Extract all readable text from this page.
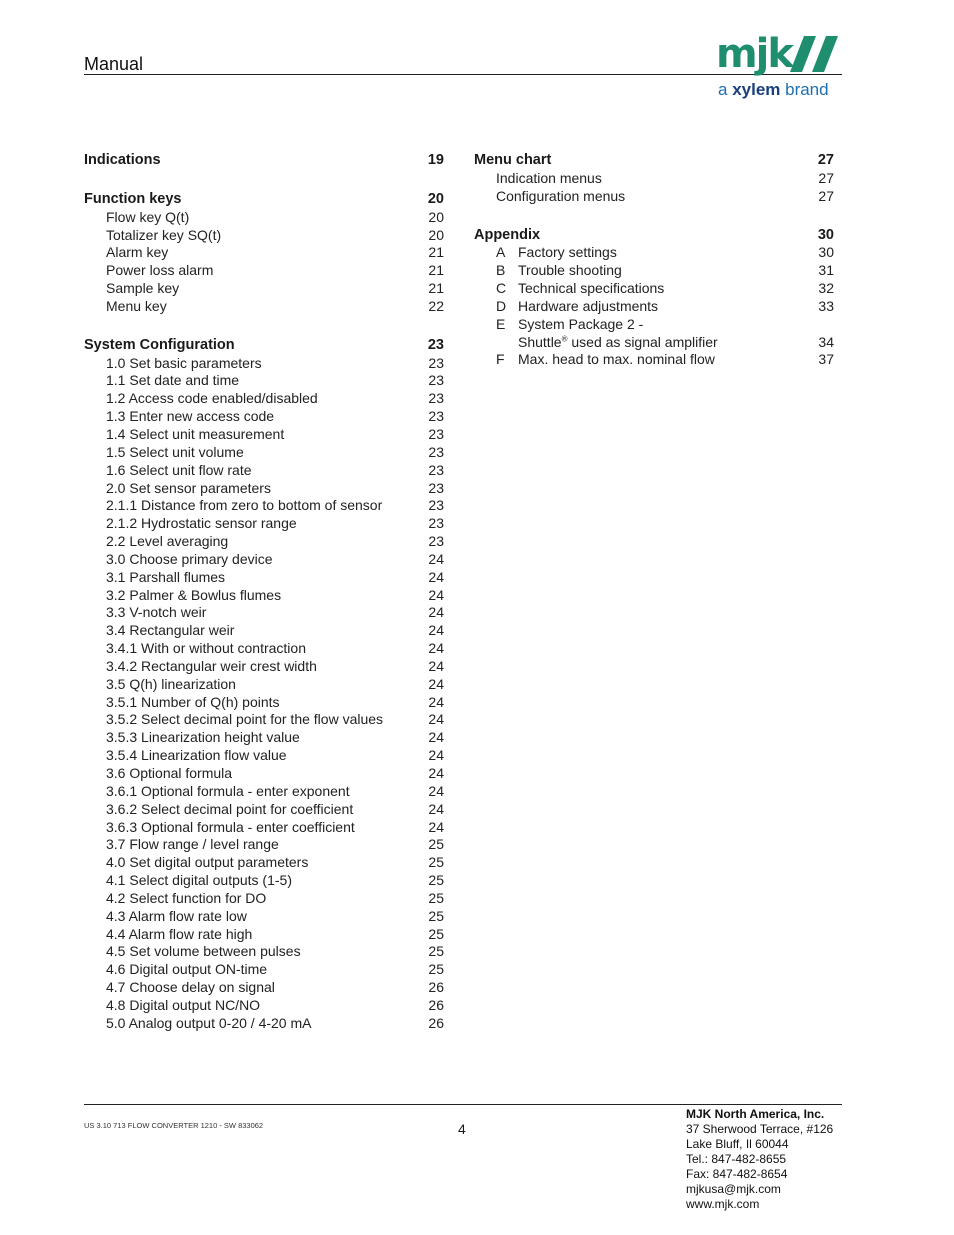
Manual	mjk
a xylem brand
Indications	19
Function keys	20
Flow key Q(t)	20
Totalizer key SQ(t)	20
Alarm key	21
Power loss alarm	21
Sample key	21
Menu key	22
System Configuration	23
1.0 Set basic parameters	23
1.1 Set date and time	23
1.2 Access code enabled/disabled	23
1.3 Enter new access code	23
1.4 Select unit measurement	23
1.5 Select unit volume	23
1.6 Select unit flow rate	23
2.0 Set sensor parameters	23
2.1.1 Distance from zero to bottom of sensor	23
2.1.2 Hydrostatic sensor range	23
2.2 Level averaging	23
3.0 Choose primary device	24
3.1 Parshall flumes	24
3.2 Palmer & Bowlus flumes	24
3.3 V-notch weir	24
3.4 Rectangular weir	24
3.4.1 With or without contraction	24
3.4.2 Rectangular weir crest width	24
3.5 Q(h) linearization	24
3.5.1 Number of Q(h) points	24
3.5.2 Select decimal point for the flow values	24
3.5.3 Linearization height value	24
3.5.4 Linearization flow value	24
3.6 Optional formula	24
3.6.1 Optional formula - enter exponent	24
3.6.2 Select decimal point for coefficient	24
3.6.3 Optional formula - enter coefficient	24
3.7 Flow range / level range	25
4.0 Set digital output parameters	25
4.1 Select digital outputs (1-5)	25
4.2 Select function for DO	25
4.3 Alarm flow rate low	25
4.4 Alarm flow rate high	25
4.5 Set volume between pulses	25
4.6 Digital output ON-time	25
4.7 Choose delay on signal	26
4.8 Digital output NC/NO	26
5.0 Analog output 0-20 / 4-20 mA	26
Menu chart	27
Indication menus	27
Configuration menus	27
Appendix	30
A Factory settings	30
B Trouble shooting	31
C Technical specifications	32
D Hardware adjustments	33
E System Package 2 -
Shuttle® used as signal amplifier	34
F Max. head to max. nominal flow	37
US 3.10 713 FLOW CONVERTER 1210 - SW 833062	4
MJK North America, Inc.
37 Sherwood Terrace, #126
Lake Bluff, Il 60044
Tel.: 847-482-8655
Fax: 847-482-8654
mjkusa@mjk.com
www.mjk.com
